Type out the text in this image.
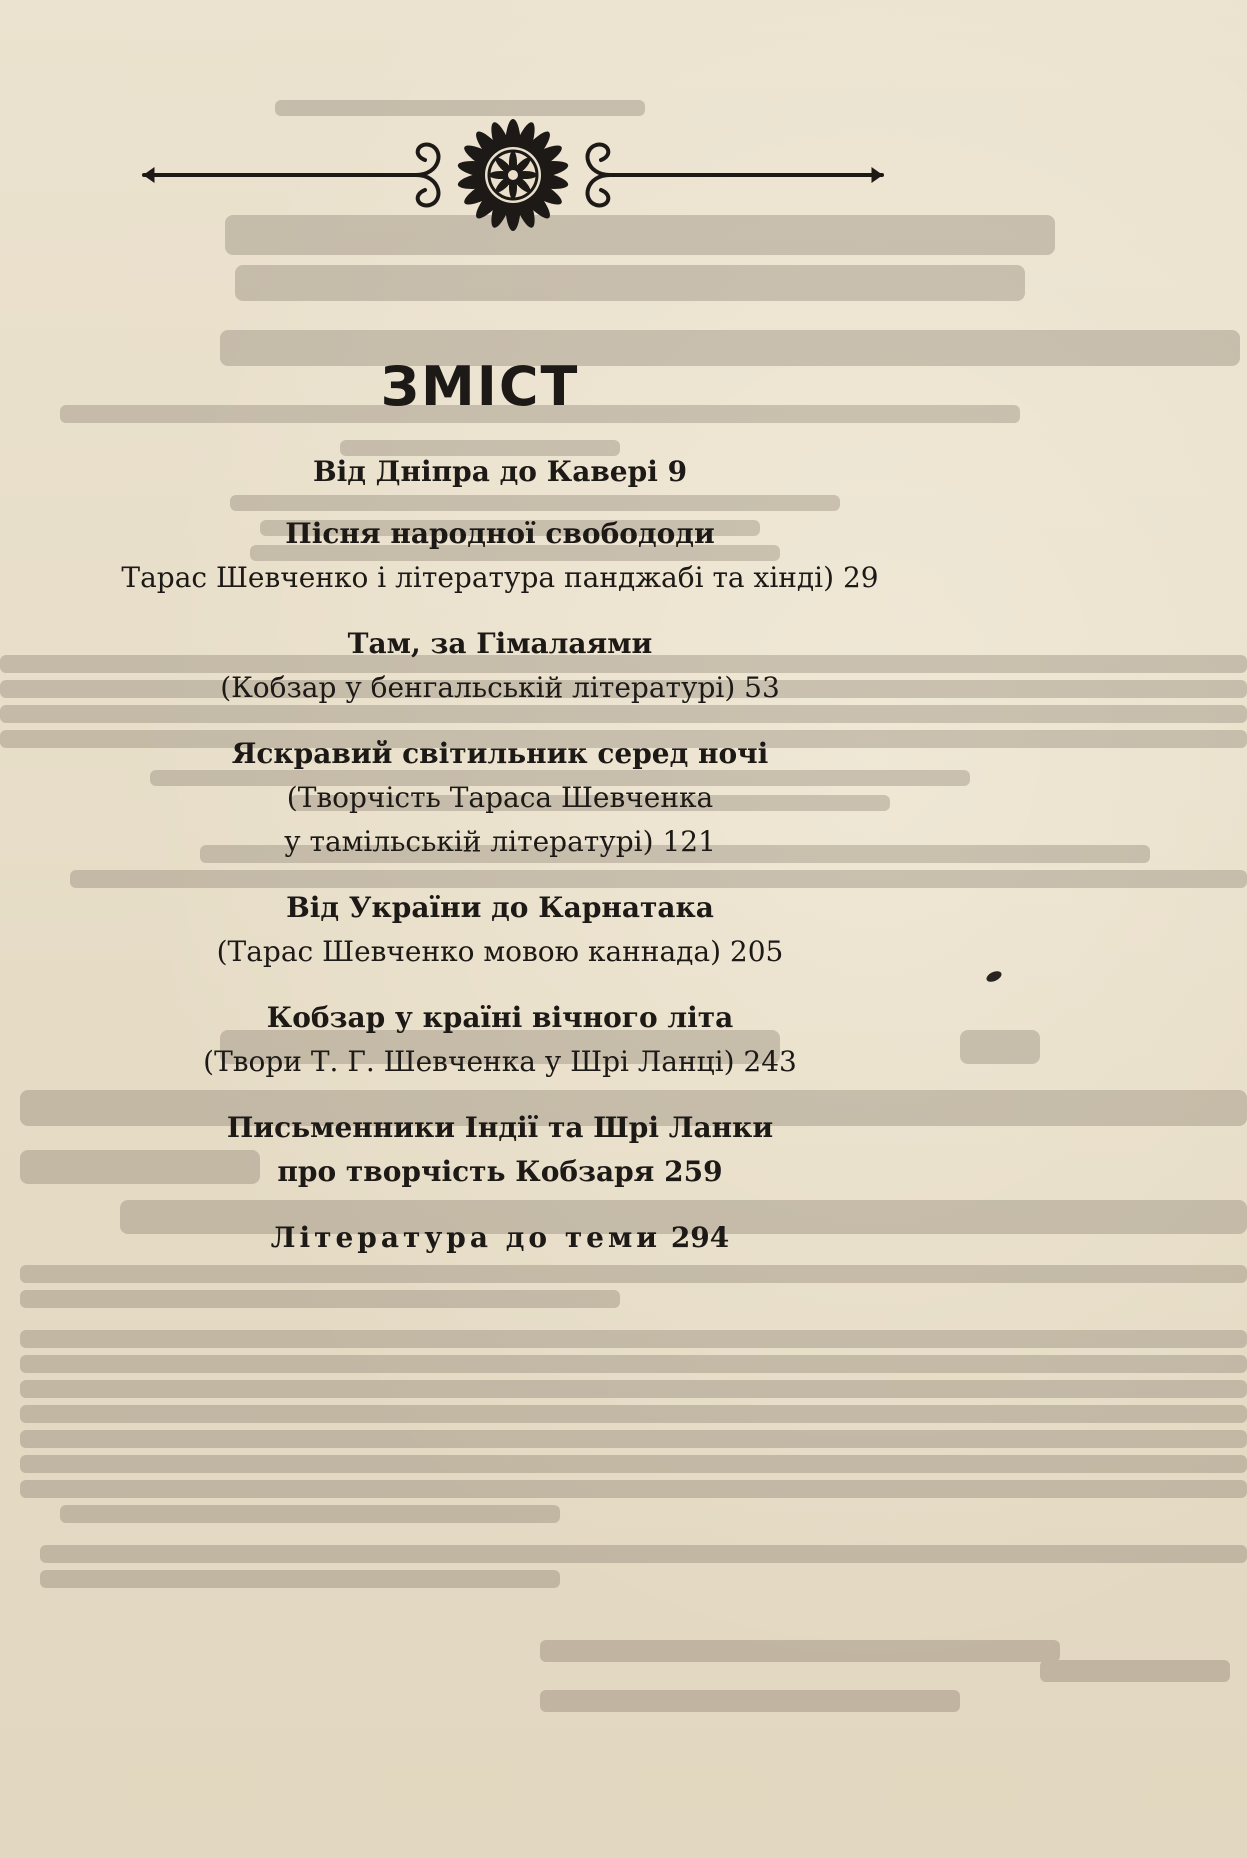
ЗМІСТ
Від Дніпра до Кавері 9
Пісня народної свобододи
Тарас Шевченко і література панджабі та хінді) 29
Там, за Гімалаями
(Кобзар у бенгальській літературі) 53
Яскравий світильник серед ночі
(Творчість Тараса Шевченка
у тамільській літературі) 121
Від України до Карнатака
(Тарас Шевченко мовою каннада) 205
Кобзар у країні вічного літа
(Твори Т. Г. Шевченка у Шрі Ланці) 243
Письменники Індії та Шрі Ланки
про творчість Кобзаря 259
Література до теми 294
